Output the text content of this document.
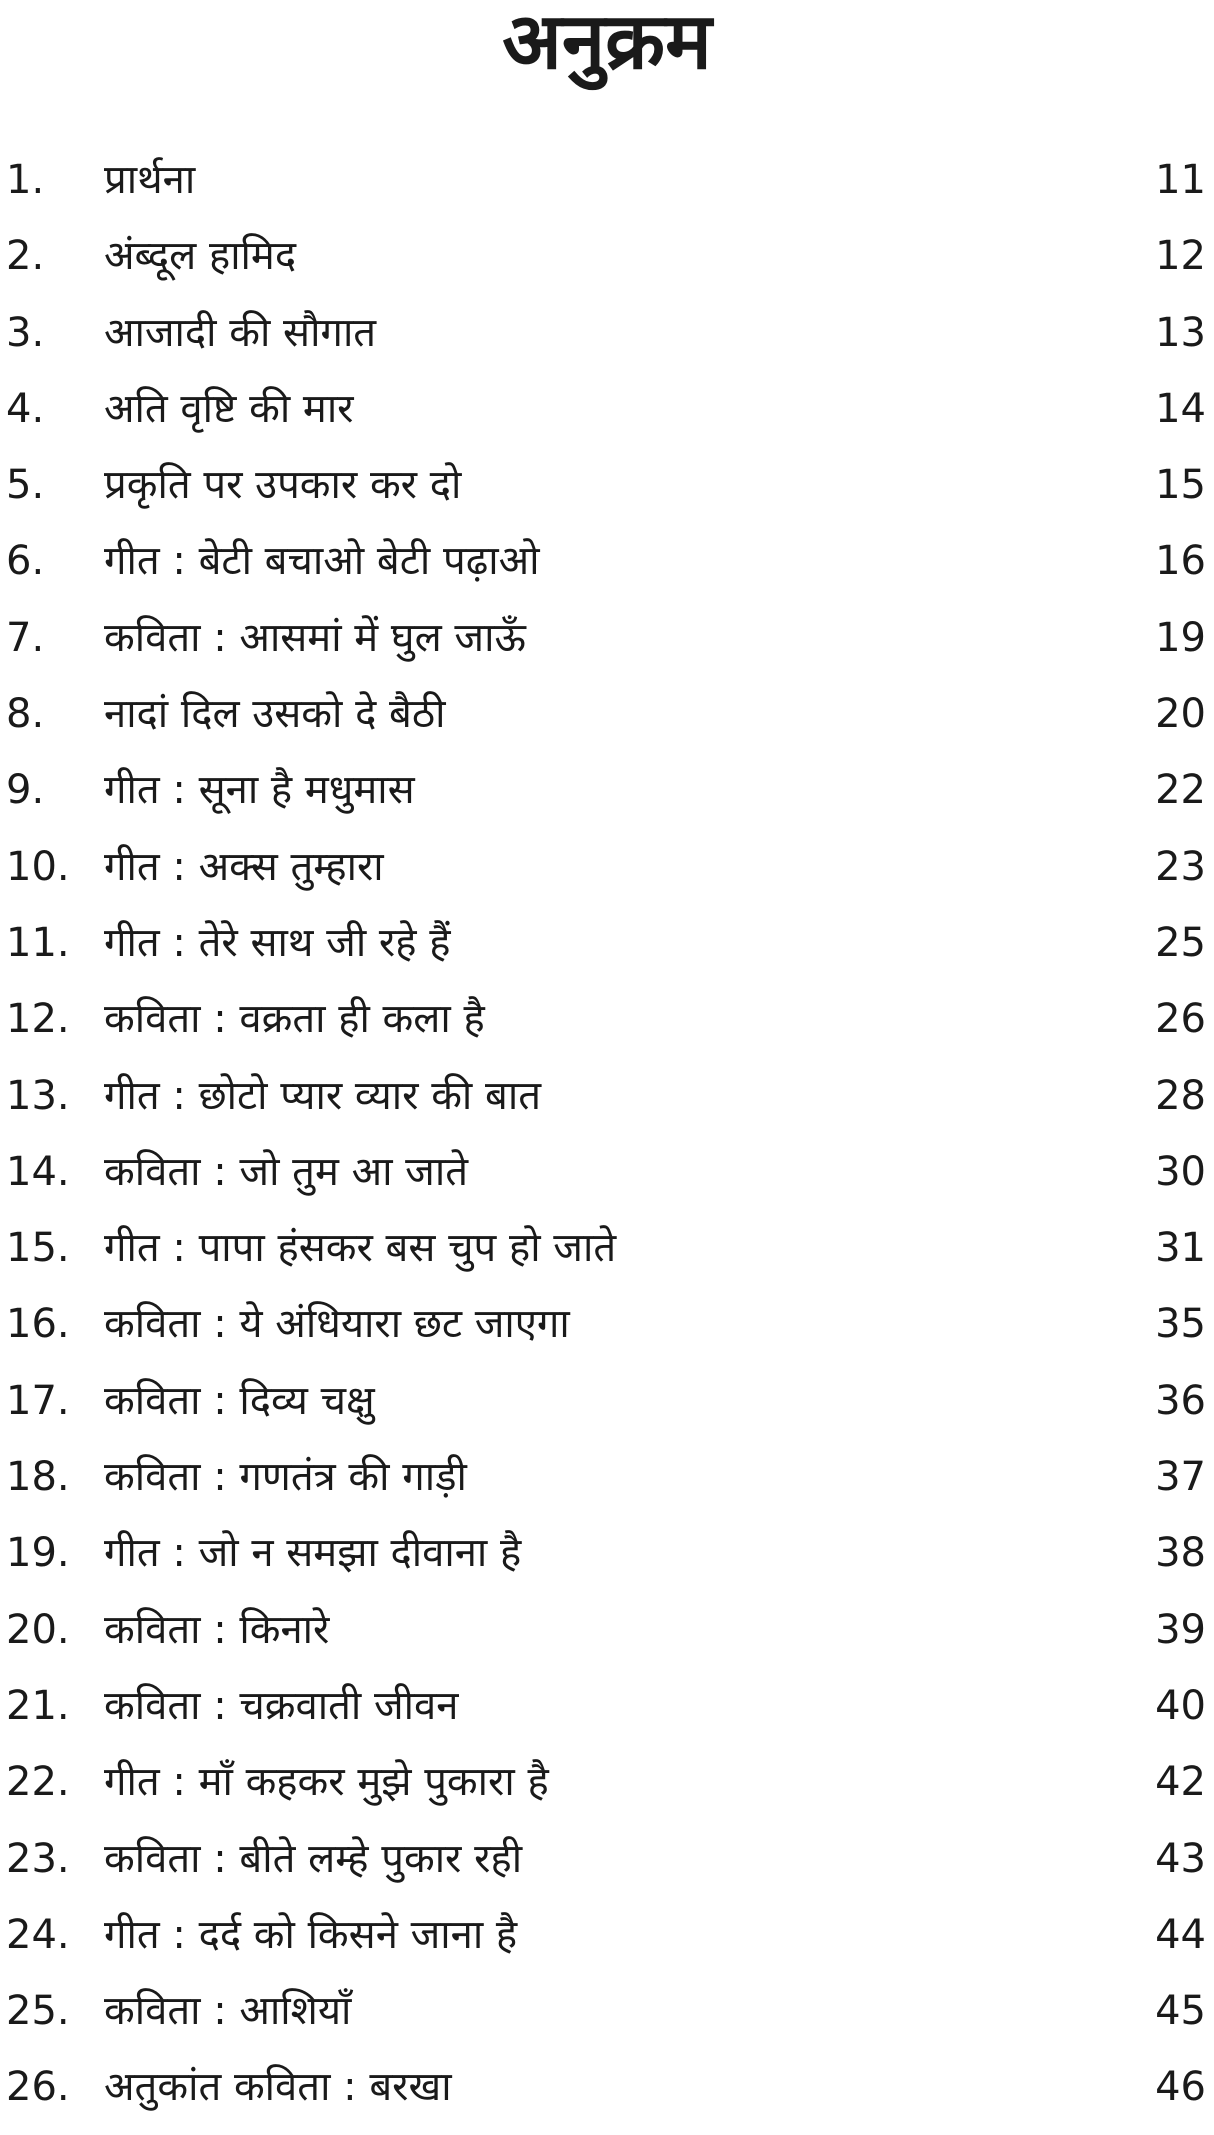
अनुक्रम
1. प्रार्थना	11
2. अंब्दूल हामिद	12
3. आजादी की सौगात	13
4. अति वृष्टि की मार	14
5. प्रकृति पर उपकार कर दो	15
6. गीत : बेटी बचाओ बेटी पढ़ाओ	16
7. कविता : आसमां में घुल जाऊँ	19
8. नादां दिल उसको दे बैठी	20
9. गीत : सूना है मधुमास	22
10. गीत : अक्स तुम्हारा	23
11. गीत : तेरे साथ जी रहे हैं	25
12. कविता : वक्रता ही कला है	26
13. गीत : छोटो प्यार व्यार की बात	28
14. कविता : जो तुम आ जाते	30
15. गीत : पापा हंसकर बस चुप हो जाते	31
16. कविता : ये अंधियारा छट जाएगा	35
17. कविता : दिव्य चक्षु	36
18. कविता : गणतंत्र की गाड़ी	37
19. गीत : जो न समझा दीवाना है	38
20. कविता : किनारे	39
21. कविता : चक्रवाती जीवन	40
22. गीत : माँ कहकर मुझे पुकारा है	42
23. कविता : बीते लम्हे पुकार रही	43
24. गीत : दर्द को किसने जाना है	44
25. कविता : आशियाँ	45
26. अतुकांत कविता : बरखा	46
